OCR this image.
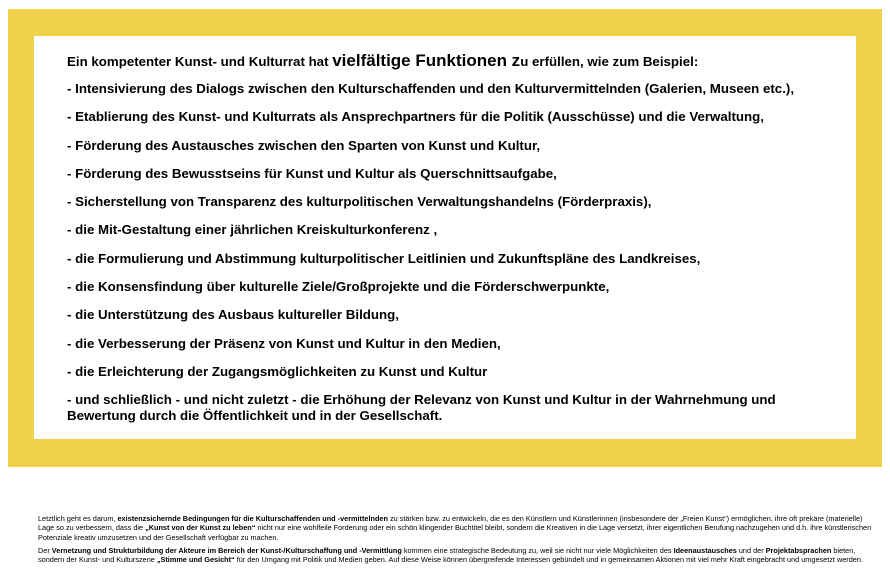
Ein kompetenter Kunst- und Kulturrat hat vielfältige Funktionen zu erfüllen, wie zum Beispiel:

- Intensivierung des Dialogs zwischen den Kulturschaffenden und den Kulturvermittelnden (Galerien, Museen etc.),
- Etablierung des Kunst- und Kulturrats als Ansprechpartners für die Politik (Ausschüsse) und die Verwaltung,
- Förderung des Austausches zwischen den Sparten von Kunst und Kultur,
- Förderung des Bewusstseins für Kunst und Kultur als Querschnittsaufgabe,
- Sicherstellung von Transparenz des kulturpolitischen Verwaltungshandelns (Förderpraxis),
- die Mit-Gestaltung einer jährlichen Kreiskulturkonferenz ,
- die Formulierung und Abstimmung kulturpolitischer Leitlinien und Zukunftspläne des Landkreises,
- die Konsensfindung über kulturelle Ziele/Großprojekte und die Förderschwerpunkte,
- die Unterstützung des Ausbaus kultureller Bildung,
- die Verbesserung der Präsenz von Kunst und Kultur in den Medien,
- die Erleichterung der Zugangsmöglichkeiten zu Kunst und Kultur
- und schließlich - und nicht zuletzt - die Erhöhung der Relevanz von Kunst und Kultur in der Wahrnehmung und Bewertung durch die Öffentlichkeit und in der Gesellschaft.

Letztlich geht es darum, existenzsichernde Bedingungen für die Kulturschaffenden und -vermittelnden zu stärken bzw. zu entwickeln, die es den Künstlern und Künstlerinnen (insbesondere der „Freien Kunst“) ermöglichen, ihre oft prekäre (materielle) Lage so zu verbessern, dass die „Kunst von der Kunst zu leben“ nicht nur eine wohlfeile Forderung oder ein schön klingender Buchtitel bleibt, sondern die Kreativen in die Lage versetzt, ihrer eigentlichen Berufung nachzugehen und d.h. ihre künstlerischen Potenziale kreativ umzusetzen und der Gesellschaft verfügbar zu machen.

Der Vernetzung und Strukturbildung der Akteure im Bereich der Kunst-/Kulturschaffung und -Vermittlung kommen eine strategische Bedeutung zu, weil sie nicht nur viele Möglichkeiten des Ideenaustausches und der Projektabsprachen bieten, sondern der Kunst- und Kulturszene „Stimme und Gesicht“ für den Umgang mit Politik und Medien geben. Auf diese Weise können übergreifende Interessen gebündelt und in gemeinsamen Aktionen mit viel mehr Kraft eingebracht und umgesetzt werden.
